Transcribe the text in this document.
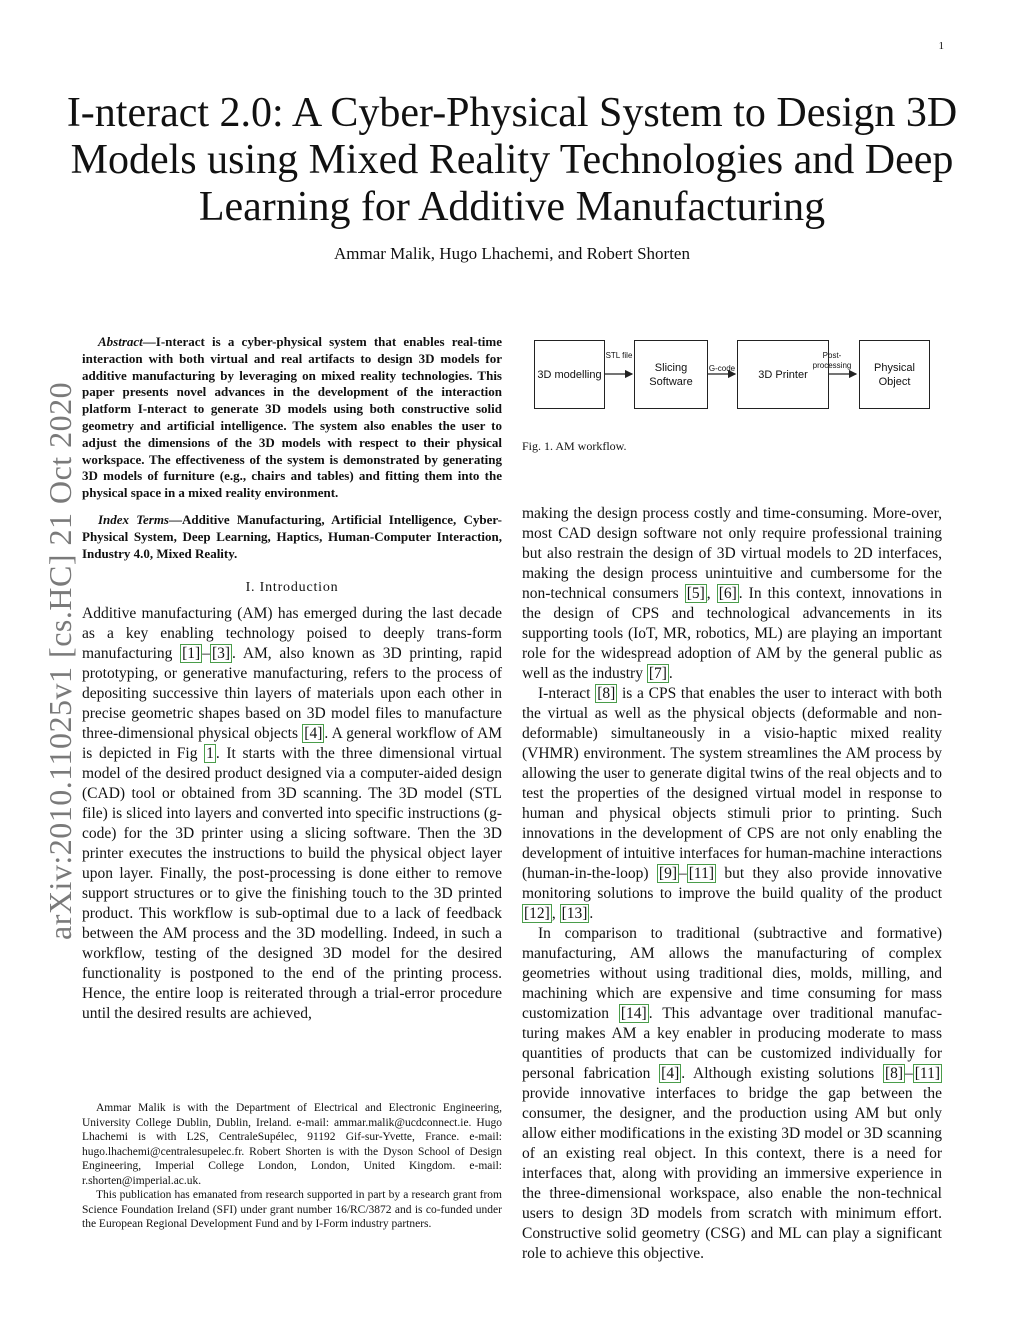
1
arXiv:2010.11025v1 [cs.HC] 21 Oct 2020
I-nteract 2.0: A Cyber-Physical System to Design 3D Models using Mixed Reality Technologies and Deep Learning for Additive Manufacturing
Ammar Malik, Hugo Lhachemi, and Robert Shorten

Abstract—I-nteract is a cyber-physical system that enables real-time interaction with both virtual and real artifacts to design 3D models for additive manufacturing by leveraging on mixed reality technologies. This paper presents novel advances in the development of the interaction platform I-nteract to generate 3D models using both constructive solid geometry and artificial intelligence. The system also enables the user to adjust the dimensions of the 3D models with respect to their physical workspace. The effectiveness of the system is demonstrated by generating 3D models of furniture (e.g., chairs and tables) and fitting them into the physical space in a mixed reality environment.

Index Terms—Additive Manufacturing, Artificial Intelligence, Cyber-Physical System, Deep Learning, Haptics, Human-Computer Interaction, Industry 4.0, Mixed Reality.

I. Introduction

Additive manufacturing (AM) has emerged during the last decade as a key enabling technology poised to deeply trans-form manufacturing [1] – [3] . AM, also known as 3D printing, rapid prototyping, or generative manufacturing, refers to the process of depositing successive thin layers of materials upon each other in precise geometric shapes based on 3D model files to manufacture three-dimensional physical objects [4] . A general workflow of AM is depicted in Fig 1 . It starts with the three dimensional virtual model of the desired product designed via a computer-aided design (CAD) tool or obtained from 3D scanning. The 3D model (STL file) is sliced into layers and converted into specific instructions (g-code) for the 3D printer using a slicing software. Then the 3D printer executes the instructions to build the physical object layer upon layer. Finally, the post-processing is done either to remove support structures or to give the finishing touch to the 3D printed product. This workflow is sub-optimal due to a lack of feedback between the AM process and the 3D modelling. Indeed, in such a workflow, testing of the designed 3D model for the desired functionality is postponed to the end of the printing process. Hence, the entire loop is reiterated through a trial-error procedure until the desired results are achieved,

Ammar Malik is with the Department of Electrical and Electronic Engineering, University College Dublin, Dublin, Ireland. e-mail: ammar.malik@ucdconnect.ie. Hugo Lhachemi is with L2S, CentraleSupélec, 91192 Gif-sur-Yvette, France. e-mail: hugo.lhachemi@centralesupelec.fr. Robert Shorten is with the Dyson School of Design Engineering, Imperial College London, London, United Kingdom. e-mail: r.shorten@imperial.ac.uk.

This publication has emanated from research supported in part by a research grant from Science Foundation Ireland (SFI) under grant number 16/RC/3872 and is co-funded under the European Regional Development Fund and by I-Form industry partners.

3D modelling
Slicing Software
3D Printer
Physical Object
STL file
G-code
Post-processing

Fig. 1. AM workflow.

making the design process costly and time-consuming. More-over, most CAD design software not only require professional training but also restrain the design of 3D virtual models to 2D interfaces, making the design process unintuitive and cumbersome for the non-technical consumers [5] , [6] . In this context, innovations in the design of CPS and technological advancements in its supporting tools (IoT, MR, robotics, ML) are playing an important role for the widespread adoption of AM by the general public as well as the industry [7] .

I-nteract [8] is a CPS that enables the user to interact with both the virtual as well as the physical objects (deformable and non-deformable) simultaneously in a visio-haptic mixed reality (VHMR) environment. The system streamlines the AM process by allowing the user to generate digital twins of the real objects and to test the properties of the designed virtual model in response to human and physical objects stimuli prior to printing. Such innovations in the development of CPS are not only enabling the development of intuitive interfaces for human-machine interactions (human-in-the-loop) [9] – [11] but they also provide innovative monitoring solutions to improve the build quality of the product [12] , [13] .

In comparison to traditional (subtractive and formative) manufacturing, AM allows the manufacturing of complex geometries without using traditional dies, molds, milling, and machining which are expensive and time consuming for mass customization [14] . This advantage over traditional manufac-turing makes AM a key enabler in producing moderate to mass quantities of products that can be customized individually for personal fabrication [4] . Although existing solutions [8] – [11] provide innovative interfaces to bridge the gap between the consumer, the designer, and the production using AM but only allow either modifications in the existing 3D model or 3D scanning of an existing real object. In this context, there is a need for interfaces that, along with providing an immersive experience in the three-dimensional workspace, also enable the non-technical users to design 3D models from scratch with minimum effort. Constructive solid geometry (CSG) and ML can play a significant role to achieve this objective.
